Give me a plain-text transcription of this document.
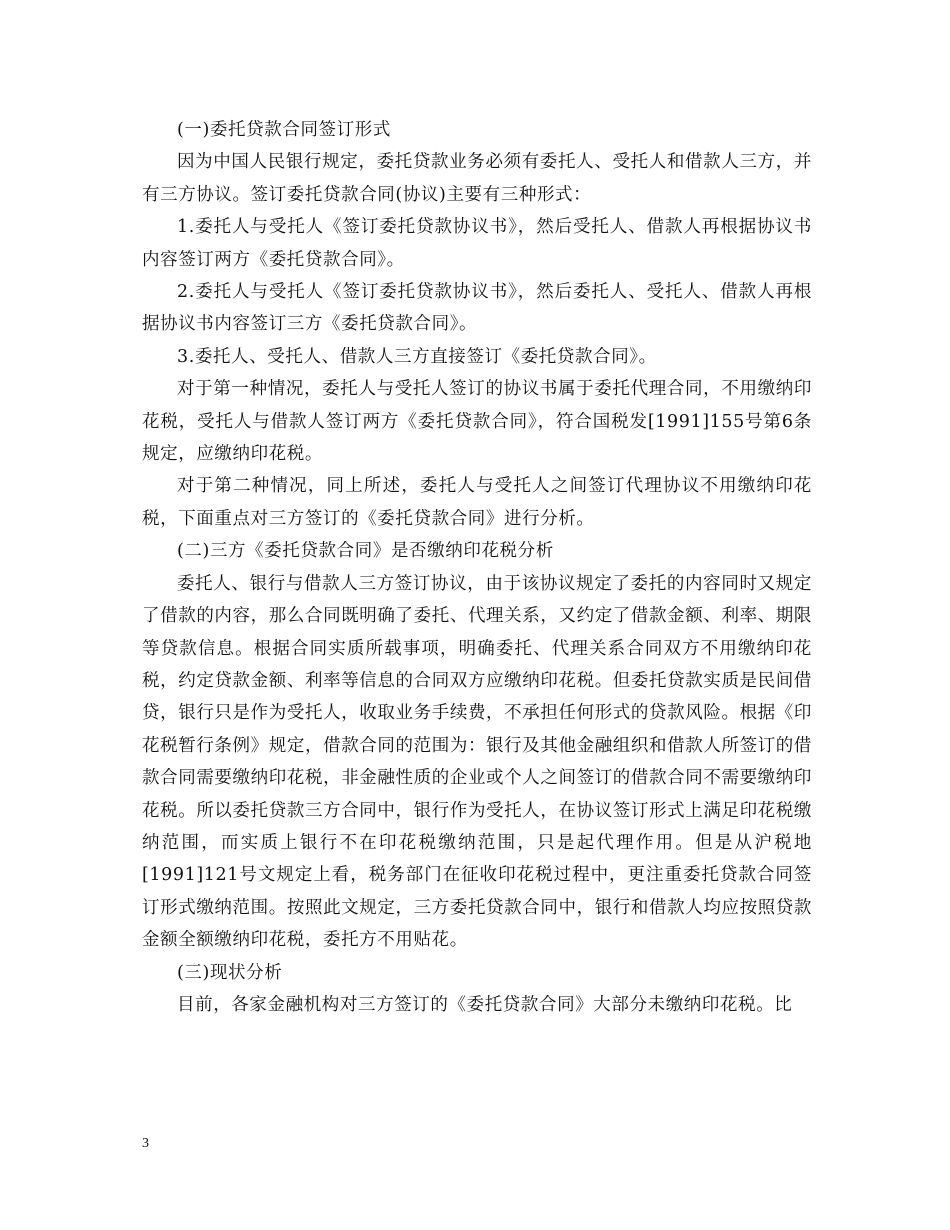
(一)委托贷款合同签订形式

因为中国人民银行规定，委托贷款业务必须有委托人、受托人和借款人三方，并有三方协议。签订委托贷款合同(协议)主要有三种形式：

1.委托人与受托人《签订委托贷款协议书》，然后受托人、借款人再根据协议书内容签订两方《委托贷款合同》。

2.委托人与受托人《签订委托贷款协议书》，然后委托人、受托人、借款人再根据协议书内容签订三方《委托贷款合同》。

3.委托人、受托人、借款人三方直接签订《委托贷款合同》。

对于第一种情况，委托人与受托人签订的协议书属于委托代理合同，不用缴纳印花税，受托人与借款人签订两方《委托贷款合同》，符合国税发[1991]155号第6条规定，应缴纳印花税。

对于第二种情况，同上所述，委托人与受托人之间签订代理协议不用缴纳印花税，下面重点对三方签订的《委托贷款合同》进行分析。

(二)三方《委托贷款合同》是否缴纳印花税分析

委托人、银行与借款人三方签订协议，由于该协议规定了委托的内容同时又规定了借款的内容，那么合同既明确了委托、代理关系，又约定了借款金额、利率、期限等贷款信息。根据合同实质所载事项，明确委托、代理关系合同双方不用缴纳印花税，约定贷款金额、利率等信息的合同双方应缴纳印花税。但委托贷款实质是民间借贷，银行只是作为受托人，收取业务手续费，不承担任何形式的贷款风险。根据《印花税暂行条例》规定，借款合同的范围为：银行及其他金融组织和借款人所签订的借款合同需要缴纳印花税，非金融性质的企业或个人之间签订的借款合同不需要缴纳印花税。所以委托贷款三方合同中，银行作为受托人，在协议签订形式上满足印花税缴纳范围，而实质上银行不在印花税缴纳范围，只是起代理作用。但是从沪税地[1991]121号文规定上看，税务部门在征收印花税过程中，更注重委托贷款合同签订形式缴纳范围。按照此文规定，三方委托贷款合同中，银行和借款人均应按照贷款金额全额缴纳印花税，委托方不用贴花。

(三)现状分析

目前，各家金融机构对三方签订的《委托贷款合同》大部分未缴纳印花税。比

3
